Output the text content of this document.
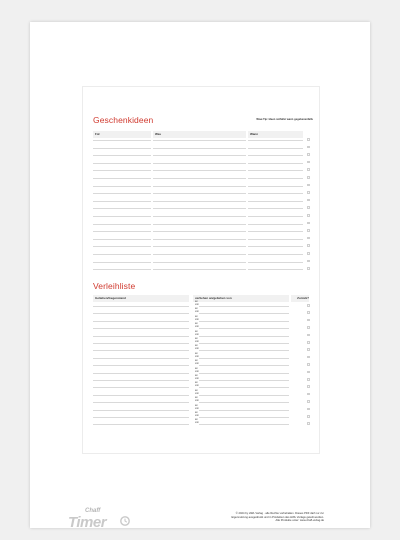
Geschenkideen	Wow-Tip: Ideen notfalls/ wann gegebenenfalls
Für	Was	Wann
Verleihliste
Geliehen/Gegenstand	verliehen an/geliehen von	Zurück?
an
von
an
von
an
von
an
von
an
von
an
von
an
von
an
von
an
von
an
von
an
von
an
von
an
von
an
von
an
von
an
von
an
von
Chaff
Timer
© 2024 by HWL Verlag · alle Rechte vorbehalten. Dieses PDF darf nur zur
Eigennutzung ausgedruckt und in Produkten des HWL Verlags geteilt werden.
Alle Produkte unter: www.chaff-verlag.de
